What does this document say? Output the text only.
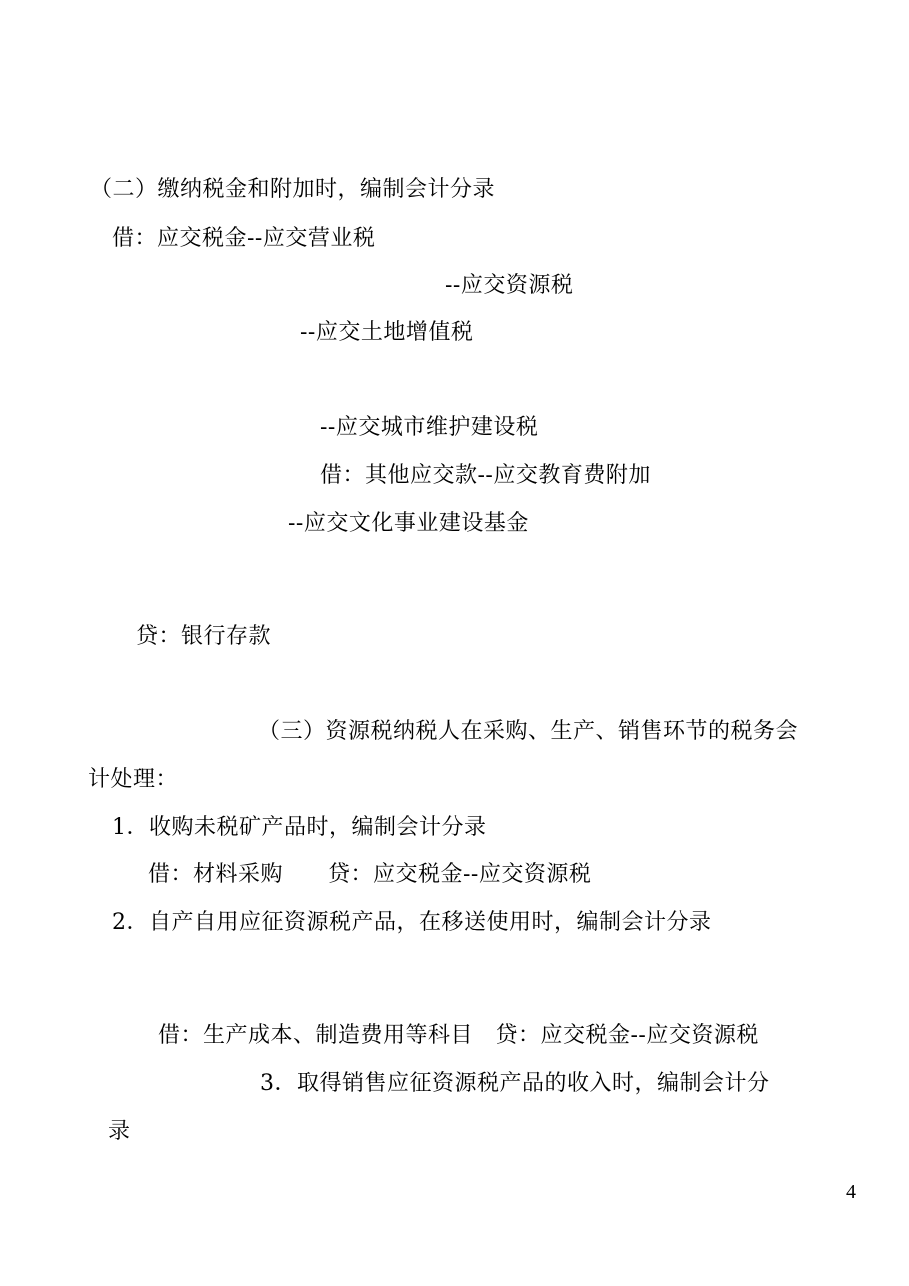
（二）缴纳税金和附加时，编制会计分录
借：应交税金--应交营业税
--应交资源税
--应交土地增值税
--应交城市维护建设税
借：其他应交款--应交教育费附加
--应交文化事业建设基金
贷：银行存款
（三）资源税纳税人在采购、生产、销售环节的税务会
计处理：
1．收购未税矿产品时，编制会计分录
借：材料采购　　贷：应交税金--应交资源税
2．自产自用应征资源税产品，在移送使用时，编制会计分录
借：生产成本、制造费用等科目　贷：应交税金--应交资源税
3．取得销售应征资源税产品的收入时，编制会计分
录
4
